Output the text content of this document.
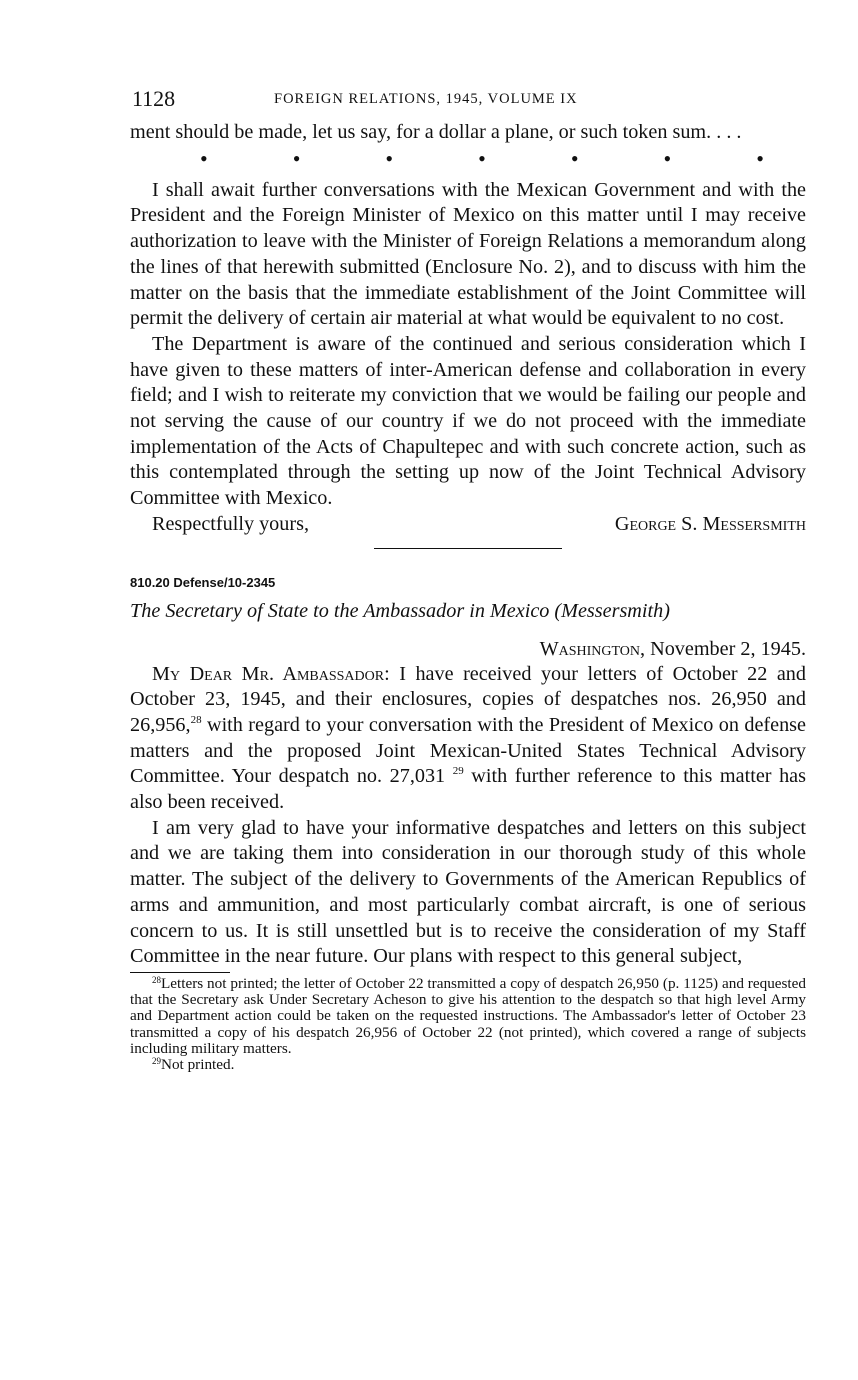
1128	FOREIGN RELATIONS, 1945, VOLUME IX

ment should be made, let us say, for a dollar a plane, or such token sum. . . .

•	•	•	•	•	•	•

I shall await further conversations with the Mexican Government and with the President and the Foreign Minister of Mexico on this matter until I may receive authorization to leave with the Minister of Foreign Relations a memorandum along the lines of that herewith submitted (Enclosure No. 2), and to discuss with him the matter on the basis that the immediate establishment of the Joint Committee will permit the delivery of certain air material at what would be equivalent to no cost.

The Department is aware of the continued and serious consideration which I have given to these matters of inter-American defense and collaboration in every field; and I wish to reiterate my conviction that we would be failing our people and not serving the cause of our country if we do not proceed with the immediate implementation of the Acts of Chapultepec and with such concrete action, such as this contemplated through the setting up now of the Joint Technical Advisory Committee with Mexico.

Respectfully yours,	George S. Messersmith
810.20 Defense/10-2345
The Secretary of State to the Ambassador in Mexico (Messersmith)
Washington, November 2, 1945.

My Dear Mr. Ambassador: I have received your letters of October 22 and October 23, 1945, and their enclosures, copies of despatches nos. 26,950 and 26,956,28 with regard to your conversation with the President of Mexico on defense matters and the proposed Joint Mexican-United States Technical Advisory Committee. Your despatch no. 27,031 $^{29}$ with further reference to this matter has also been received.

I am very glad to have your informative despatches and letters on this subject and we are taking them into consideration in our thorough study of this whole matter. The subject of the delivery to Governments of the American Republics of arms and ammunition, and most particularly combat aircraft, is one of serious concern to us. It is still unsettled but is to receive the consideration of my Staff Committee in the near future. Our plans with respect to this general subject,

$^{28}$Letters not printed; the letter of October 22 transmitted a copy of despatch 26,950 (p. 1125) and requested that the Secretary ask Under Secretary Acheson to give his attention to the despatch so that high level Army and Department action could be taken on the requested instructions. The Ambassador's letter of October 23 transmitted a copy of his despatch 26,956 of October 22 (not printed), which covered a range of subjects including military matters.

$^{29}$Not printed.
